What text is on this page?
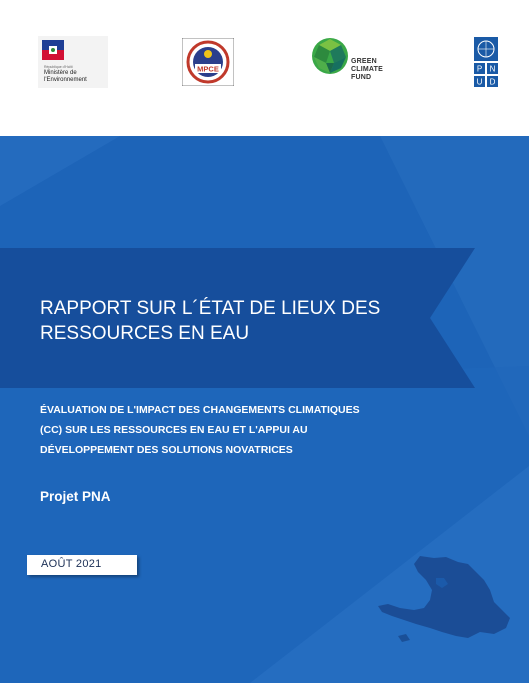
République d'Haïti
Ministère de
l'Environnement
MPCE
GREEN
CLIMATE
FUND
P N
U D
RAPPORT SUR L´ÉTAT DE LIEUX DES
RESSOURCES EN EAU
ÉVALUATION DE L'IMPACT DES CHANGEMENTS CLIMATIQUES
(CC) SUR LES RESSOURCES EN EAU ET L'APPUI AU
DÉVELOPPEMENT DES SOLUTIONS NOVATRICES
Projet PNA
AOÛT 2021
